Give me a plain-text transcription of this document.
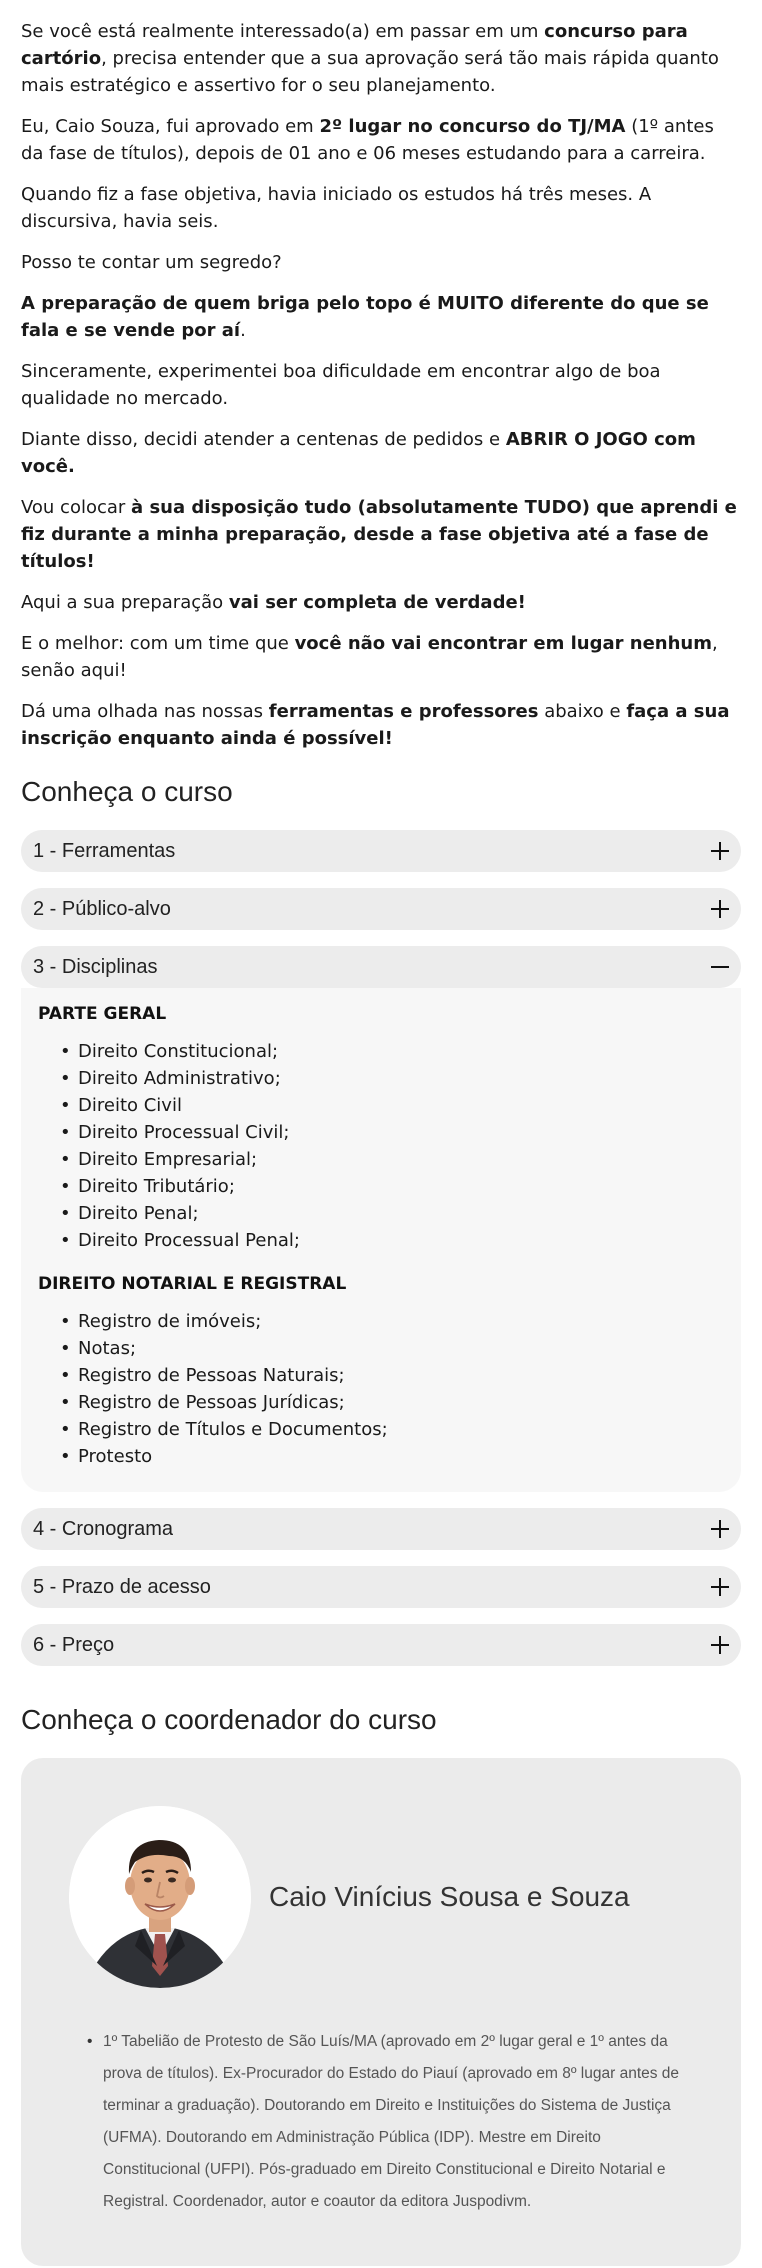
Se você está realmente interessado(a) em passar em um concurso para cartório, precisa entender que a sua aprovação será tão mais rápida quanto mais estratégico e assertivo for o seu planejamento.

Eu, Caio Souza, fui aprovado em 2º lugar no concurso do TJ/MA (1º antes da fase de títulos), depois de 01 ano e 06 meses estudando para a carreira.

Quando fiz a fase objetiva, havia iniciado os estudos há três meses. A discursiva, havia seis.

Posso te contar um segredo?

A preparação de quem briga pelo topo é MUITO diferente do que se fala e se vende por aí.

Sinceramente, experimentei boa dificuldade em encontrar algo de boa qualidade no mercado.

Diante disso, decidi atender a centenas de pedidos e ABRIR O JOGO com você.

Vou colocar à sua disposição tudo (absolutamente TUDO) que aprendi e fiz durante a minha preparação, desde a fase objetiva até a fase de títulos!

Aqui a sua preparação vai ser completa de verdade!

E o melhor: com um time que você não vai encontrar em lugar nenhum, senão aqui!

Dá uma olhada nas nossas ferramentas e professores abaixo e faça a sua inscrição enquanto ainda é possível!

Conheça o curso
1 - Ferramentas
2 - Público-alvo
3 - Disciplinas
PARTE GERAL
• Direito Constitucional;
• Direito Administrativo;
• Direito Civil
• Direito Processual Civil;
• Direito Empresarial;
• Direito Tributário;
• Direito Penal;
• Direito Processual Penal;
DIREITO NOTARIAL E REGISTRAL
• Registro de imóveis;
• Notas;
• Registro de Pessoas Naturais;
• Registro de Pessoas Jurídicas;
• Registro de Títulos e Documentos;
• Protesto
4 - Cronograma
5 - Prazo de acesso
6 - Preço
Conheça o coordenador do curso
Caio Vinícius Sousa e Souza
• 1º Tabelião de Protesto de São Luís/MA (aprovado em 2º lugar geral e 1º antes da prova de títulos). Ex-Procurador do Estado do Piauí (aprovado em 8º lugar antes de terminar a graduação). Doutorando em Direito e Instituições do Sistema de Justiça (UFMA). Doutorando em Administração Pública (IDP). Mestre em Direito Constitucional (UFPI). Pós-graduado em Direito Constitucional e Direito Notarial e Registral. Coordenador, autor e coautor da editora Juspodivm.
